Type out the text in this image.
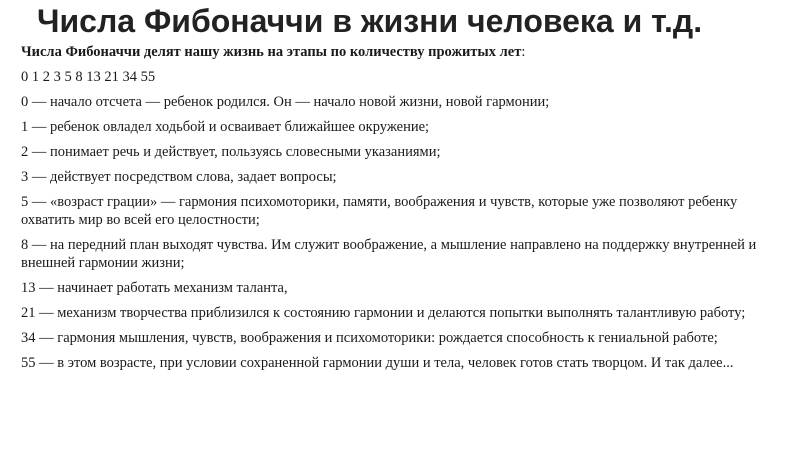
Числа Фибоначчи в жизни человека и т.д.

Числа Фибоначчи делят нашу жизнь на этапы по количеству прожитых лет:

0 1 2 3 5 8 13 21 34 55

0 — начало отсчета — ребенок родился. Он — начало новой жизни, новой гармонии;
1 — ребенок овладел ходьбой и осваивает ближайшее окружение;
2 — понимает речь и действует, пользуясь словесными указаниями;
3 — действует посредством слова, задает вопросы;
5 — «возраст грации» — гармония психомоторики, памяти, воображения и чувств, которые уже позволяют ребенку охватить мир во всей его целостности;
8 — на передний план выходят чувства. Им служит воображение, а мышление направлено на поддержку внутренней и внешней гармонии жизни;
13 — начинает работать механизм таланта,
21 — механизм творчества приблизился к состоянию гармонии и делаются попытки выполнять талантливую работу;
34 — гармония мышления, чувств, воображения и психомоторики: рождается способность к гениальной работе;
55 — в этом возрасте, при условии сохраненной гармонии души и тела, человек готов стать творцом. И так далее...
